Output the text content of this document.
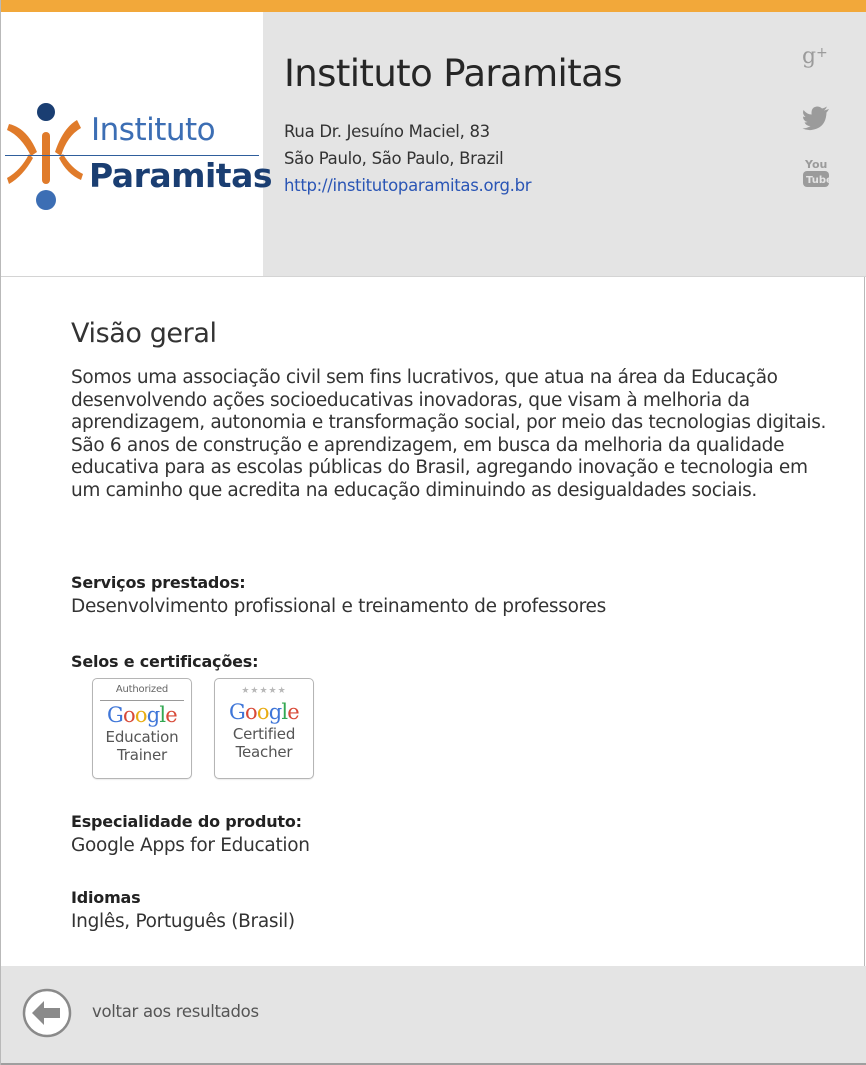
Instituto
Paramitas
Instituto Paramitas
Rua Dr. Jesuíno Maciel, 83
São Paulo, São Paulo, Brazil
http://institutoparamitas.org.br
g +
You
Tube
Visão geral
Somos uma associação civil sem fins lucrativos, que atua na área da Educação desenvolvendo ações socioeducativas inovadoras, que visam à melhoria da aprendizagem, autonomia e transformação social, por meio das tecnologias digitais. São 6 anos de construção e aprendizagem, em busca da melhoria da qualidade educativa para as escolas públicas do Brasil, agregando inovação e tecnologia em um caminho que acredita na educação diminuindo as desigualdades sociais.
Serviços prestados:
Desenvolvimento profissional e treinamento de professores
Selos e certificações:
Authorized
Google
Education
Trainer
★★★★★
Google
Certified
Teacher
Especialidade do produto:
Google Apps for Education
Idiomas
Inglês, Português (Brasil)
voltar aos resultados
